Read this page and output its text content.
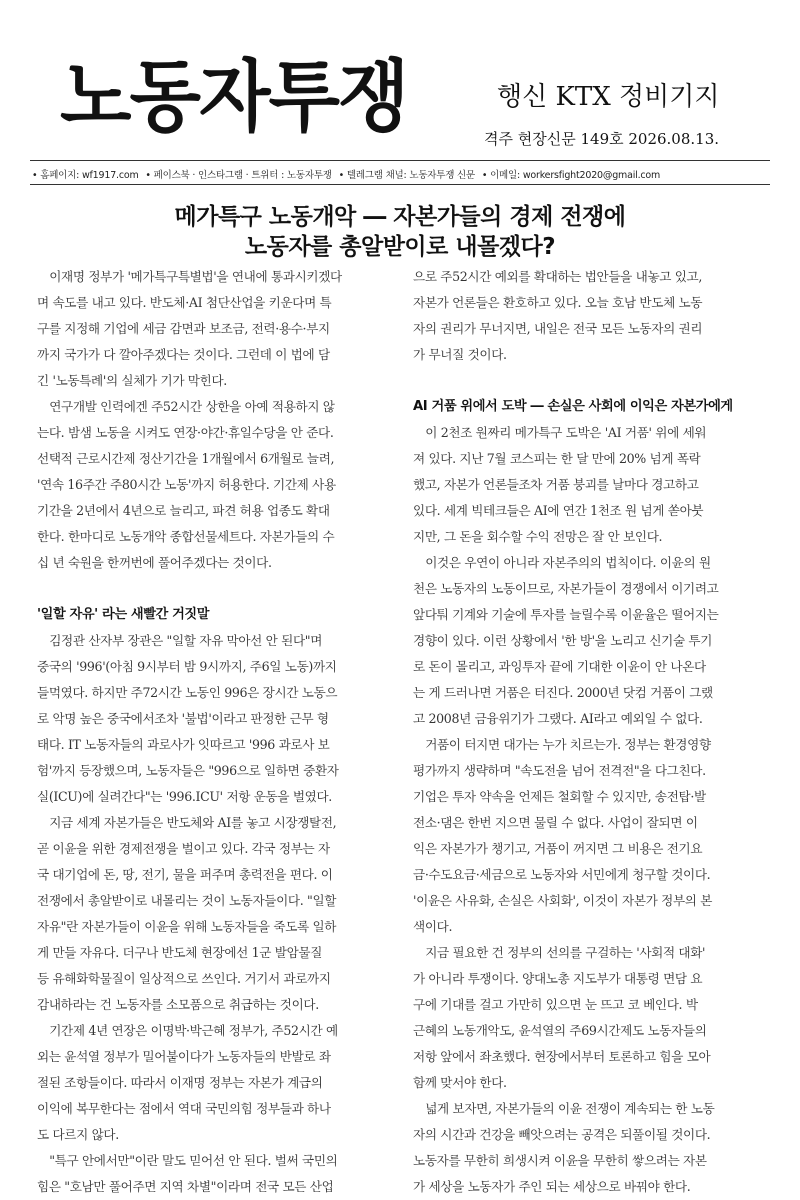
노동자투쟁	행신 KTX 정비기지
격주 현장신문 149호 2026.08.13.
• 홈페이지: wf1917.com • 페이스북 · 인스타그램 · 트위터 : 노동자투쟁 • 텔레그램 채널: 노동자투쟁 신문 • 이메일: workersfight2020@gmail.com
메가특구 노동개악 ― 자본가들의 경제 전쟁에
노동자를 총알받이로 내몰겠다?
　이재명 정부가 '메가특구특별법'을 연내에 통과시키겠다
며 속도를 내고 있다. 반도체·AI 첨단산업을 키운다며 특
구를 지정해 기업에 세금 감면과 보조금, 전력·용수·부지
까지 국가가 다 깔아주겠다는 것이다. 그런데 이 법에 담
긴 '노동특례'의 실체가 기가 막힌다.
　연구개발 인력에겐 주52시간 상한을 아예 적용하지 않
는다. 밤샘 노동을 시켜도 연장·야간·휴일수당을 안 준다.
선택적 근로시간제 정산기간을 1개월에서 6개월로 늘려,
'연속 16주간 주80시간 노동'까지 허용한다. 기간제 사용
기간을 2년에서 4년으로 늘리고, 파견 허용 업종도 확대
한다. 한마디로 노동개악 종합선물세트다. 자본가들의 수
십 년 숙원을 한꺼번에 풀어주겠다는 것이다.
'일할 자유' 라는 새빨간 거짓말
　김정관 산자부 장관은 "일할 자유 막아선 안 된다"며
중국의 '996'(아침 9시부터 밤 9시까지, 주6일 노동)까지
들먹였다. 하지만 주72시간 노동인 996은 장시간 노동으
로 악명 높은 중국에서조차 '불법'이라고 판정한 근무 형
태다. IT 노동자들의 과로사가 잇따르고 '996 과로사 보
험'까지 등장했으며, 노동자들은 "996으로 일하면 중환자
실(ICU)에 실려간다"는 '996.ICU' 저항 운동을 벌였다.
　지금 세계 자본가들은 반도체와 AI를 놓고 시장쟁탈전,
곧 이윤을 위한 경제전쟁을 벌이고 있다. 각국 정부는 자
국 대기업에 돈, 땅, 전기, 물을 퍼주며 총력전을 편다. 이
전쟁에서 총알받이로 내몰리는 것이 노동자들이다. "일할
자유"란 자본가들이 이윤을 위해 노동자들을 죽도록 일하
게 만들 자유다. 더구나 반도체 현장에선 1군 발암물질
등 유해화학물질이 일상적으로 쓰인다. 거기서 과로까지
감내하라는 건 노동자를 소모품으로 취급하는 것이다.
　기간제 4년 연장은 이명박·박근혜 정부가, 주52시간 예
외는 윤석열 정부가 밀어붙이다가 노동자들의 반발로 좌
절된 조항들이다. 따라서 이재명 정부는 자본가 계급의
이익에 복무한다는 점에서 역대 국민의힘 정부들과 하나
도 다르지 않다.
　"특구 안에서만"이란 말도 믿어선 안 된다. 벌써 국민의
힘은 "호남만 풀어주면 지역 차별"이라며 전국 모든 산업
으로 주52시간 예외를 확대하는 법안들을 내놓고 있고,
자본가 언론들은 환호하고 있다. 오늘 호남 반도체 노동
자의 권리가 무너지면, 내일은 전국 모든 노동자의 권리
가 무너질 것이다.
AI 거품 위에서 도박 ― 손실은 사회에 이익은 자본가에게
　이 2천조 원짜리 메가특구 도박은 'AI 거품' 위에 세워
져 있다. 지난 7월 코스피는 한 달 만에 20% 넘게 폭락
했고, 자본가 언론들조차 거품 붕괴를 날마다 경고하고
있다. 세계 빅테크들은 AI에 연간 1천조 원 넘게 쏟아붓
지만, 그 돈을 회수할 수익 전망은 잘 안 보인다.
　이것은 우연이 아니라 자본주의의 법칙이다. 이윤의 원
천은 노동자의 노동이므로, 자본가들이 경쟁에서 이기려고
앞다퉈 기계와 기술에 투자를 늘릴수록 이윤율은 떨어지는
경향이 있다. 이런 상황에서 '한 방'을 노리고 신기술 투기
로 돈이 몰리고, 과잉투자 끝에 기대한 이윤이 안 나온다
는 게 드러나면 거품은 터진다. 2000년 닷컴 거품이 그랬
고 2008년 금융위기가 그랬다. AI라고 예외일 수 없다.
　거품이 터지면 대가는 누가 치르는가. 정부는 환경영향
평가까지 생략하며 "속도전을 넘어 전격전"을 다그친다.
기업은 투자 약속을 언제든 철회할 수 있지만, 송전탑·발
전소·댐은 한번 지으면 물릴 수 없다. 사업이 잘되면 이
익은 자본가가 챙기고, 거품이 꺼지면 그 비용은 전기요
금·수도요금·세금으로 노동자와 서민에게 청구할 것이다.
'이윤은 사유화, 손실은 사회화', 이것이 자본가 정부의 본
색이다.
　지금 필요한 건 정부의 선의를 구걸하는 '사회적 대화'
가 아니라 투쟁이다. 양대노총 지도부가 대통령 면담 요
구에 기대를 걸고 가만히 있으면 눈 뜨고 코 베인다. 박
근혜의 노동개악도, 윤석열의 주69시간제도 노동자들의
저항 앞에서 좌초했다. 현장에서부터 토론하고 힘을 모아
함께 맞서야 한다.
　넓게 보자면, 자본가들의 이윤 전쟁이 계속되는 한 노동
자의 시간과 건강을 빼앗으려는 공격은 되풀이될 것이다.
노동자를 무한히 희생시켜 이윤을 무한히 쌓으려는 자본
가 세상을 노동자가 주인 되는 세상으로 바꿔야 한다.
